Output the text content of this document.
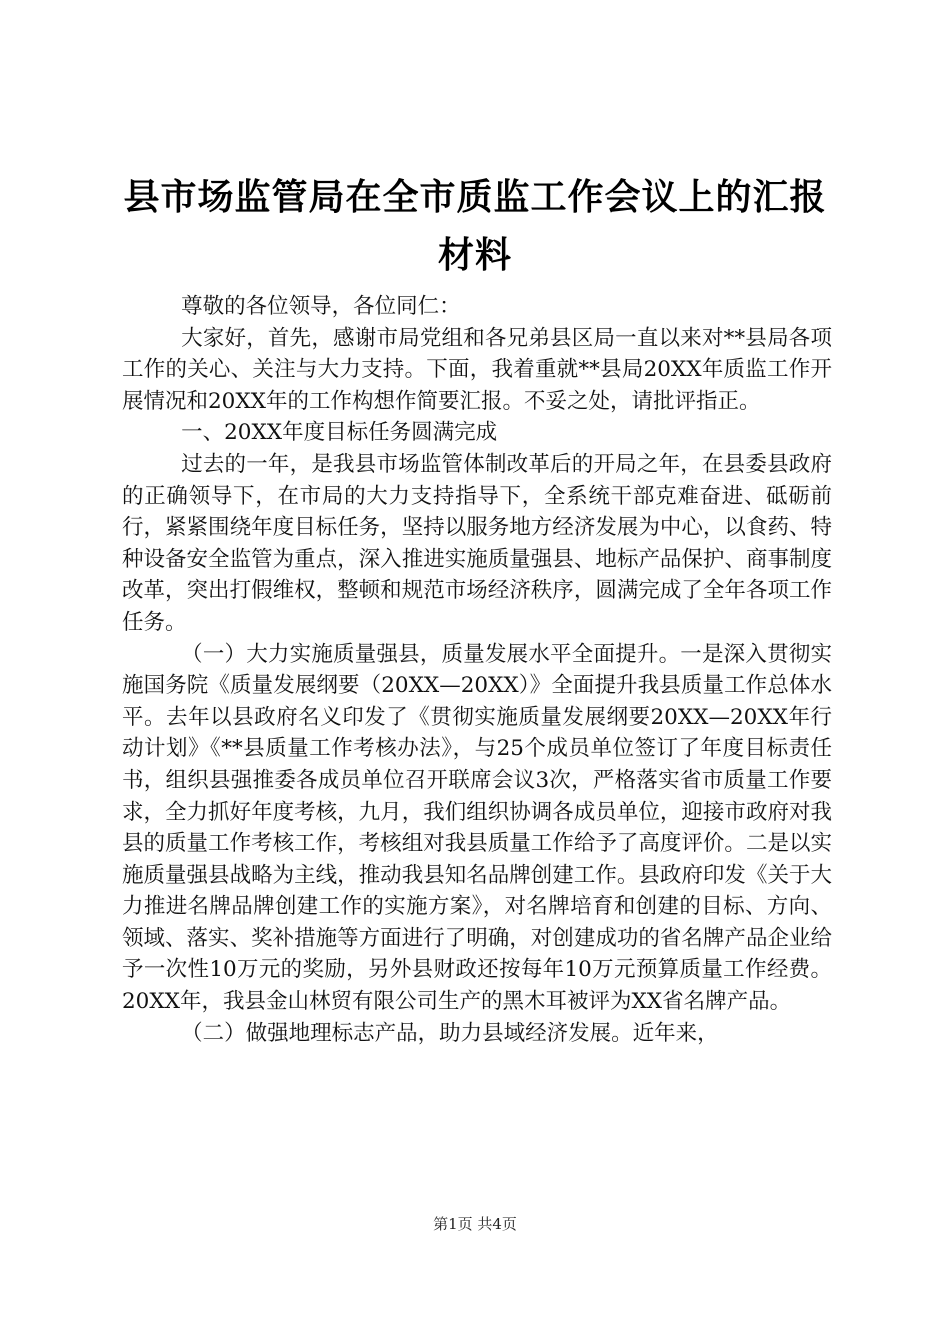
县市场监管局在全市质监工作会议上的汇报材料

尊敬的各位领导，各位同仁：

大家好，首先，感谢市局党组和各兄弟县区局一直以来对**县局各项工作的关心、关注与大力支持。下面，我着重就**县局20XX年质监工作开展情况和20XX年的工作构想作简要汇报。不妥之处，请批评指正。

一、20XX年度目标任务圆满完成

过去的一年，是我县市场监管体制改革后的开局之年，在县委县政府的正确领导下，在市局的大力支持指导下，全系统干部克难奋进、砥砺前行，紧紧围绕年度目标任务，坚持以服务地方经济发展为中心，以食药、特种设备安全监管为重点，深入推进实施质量强县、地标产品保护、商事制度改革，突出打假维权，整顿和规范市场经济秩序，圆满完成了全年各项工作任务。

（一）大力实施质量强县，质量发展水平全面提升。一是深入贯彻实施国务院《质量发展纲要（20XX—20XX）》全面提升我县质量工作总体水平。去年以县政府名义印发了《贯彻实施质量发展纲要20XX—20XX年行动计划》《**县质量工作考核办法》，与25个成员单位签订了年度目标责任书，组织县强推委各成员单位召开联席会议3次，严格落实省市质量工作要求，全力抓好年度考核，九月，我们组织协调各成员单位，迎接市政府对我县的质量工作考核工作，考核组对我县质量工作给予了高度评价。二是以实施质量强县战略为主线，推动我县知名品牌创建工作。县政府印发《关于大力推进名牌品牌创建工作的实施方案》，对名牌培育和创建的目标、方向、领域、落实、奖补措施等方面进行了明确，对创建成功的省名牌产品企业给予一次性10万元的奖励，另外县财政还按每年10万元预算质量工作经费。20XX年，我县金山林贸有限公司生产的黑木耳被评为XX省名牌产品。

（二）做强地理标志产品，助力县域经济发展。近年来，

第1页 共4页
